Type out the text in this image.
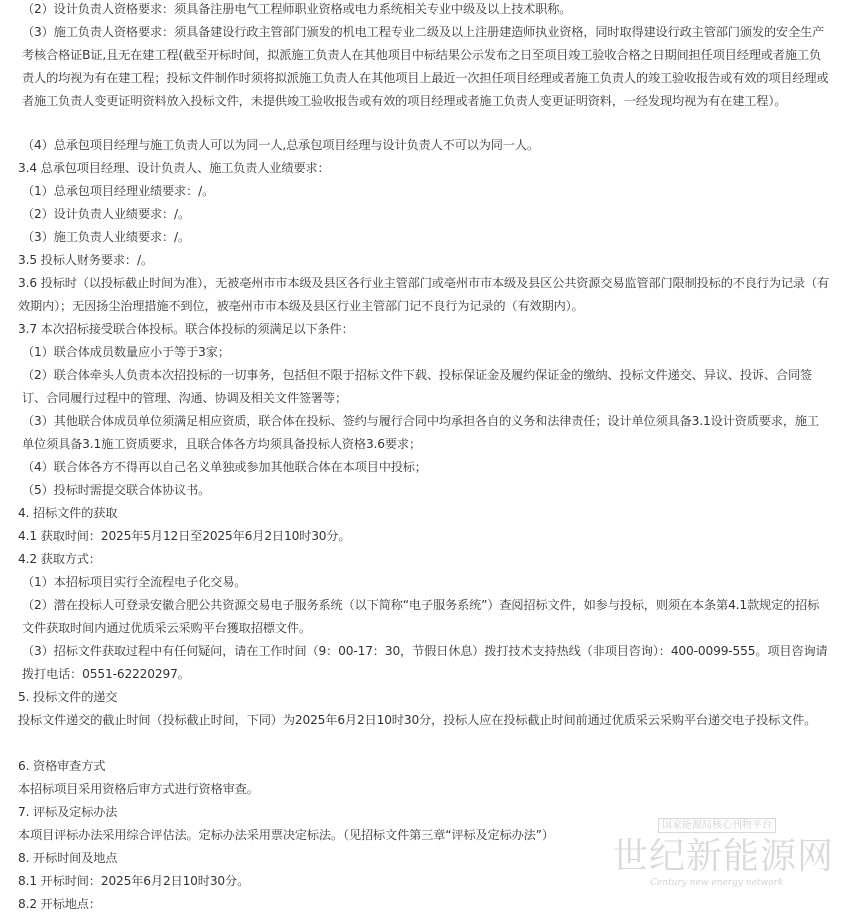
（2）设计负责人资格要求：须具备注册电气工程师职业资格或电力系统相关专业中级及以上技术职称。

（3）施工负责人资格要求：须具备建设行政主管部门颁发的机电工程专业二级及以上注册建造师执业资格，同时取得建设行政主管部门颁发的安全生产考核合格证B证,且无在建工程(截至开标时间，拟派施工负责人在其他项目中标结果公示发布之日至项目竣工验收合格之日期间担任项目经理或者施工负责人的均视为有在建工程；投标文件制作时须将拟派施工负责人在其他项目上最近一次担任项目经理或者施工负责人的竣工验收报告或有效的项目经理或者施工负责人变更证明资料放入投标文件，未提供竣工验收报告或有效的项目经理或者施工负责人变更证明资料，一经发现均视为有在建工程）。

（4）总承包项目经理与施工负责人可以为同一人,总承包项目经理与设计负责人不可以为同一人。

3.4 总承包项目经理、设计负责人、施工负责人业绩要求：

（1）总承包项目经理业绩要求：/。

（2）设计负责人业绩要求：/。

（3）施工负责人业绩要求：/。

3.5 投标人财务要求：/。

3.6 投标时（以投标截止时间为准），无被亳州市市本级及县区各行业主管部门或亳州市市本级及县区公共资源交易监管部门限制投标的不良行为记录（有效期内）；无因扬尘治理措施不到位，被亳州市市本级及县区行业主管部门记不良行为记录的（有效期内）。

3.7 本次招标接受联合体投标。联合体投标的须满足以下条件：

（1）联合体成员数量应小于等于3家；

（2）联合体牵头人负责本次招投标的一切事务，包括但不限于招标文件下载、投标保证金及履约保证金的缴纳、投标文件递交、异议、投诉、合同签订、合同履行过程中的管理、沟通、协调及相关文件签署等；

（3）其他联合体成员单位须满足相应资质，联合体在投标、签约与履行合同中均承担各自的义务和法律责任；设计单位须具备3.1设计资质要求，施工单位须具备3.1施工资质要求，且联合体各方均须具备投标人资格3.6要求；

（4）联合体各方不得再以自己名义单独或参加其他联合体在本项目中投标；

（5）投标时需提交联合体协议书。

4. 招标文件的获取

4.1 获取时间：2025年5月12日至2025年6月2日10时30分。

4.2 获取方式：

（1）本招标项目实行全流程电子化交易。

（2）潜在投标人可登录安徽合肥公共资源交易电子服务系统（以下简称“电子服务系统”）查阅招标文件，如参与投标，则须在本条第4.1款规定的招标文件获取时间内通过优质采云采购平台獲取招標文件。

（3）招标文件获取过程中有任何疑问，请在工作时间（9：00-17：30，节假日休息）拨打技术支持热线（非项目咨询）：400-0099-555。项目咨询请拨打电话：0551-62220297。

5. 投标文件的递交

投标文件递交的截止时间（投标截止时间，下同）为2025年6月2日10时30分，投标人应在投标截止时间前通过优质采云采购平台递交电子投标文件。

6. 资格审查方式

本招标项目采用资格后审方式进行资格审查。

7. 评标及定标办法

本项目评标办法采用综合评估法。定标办法采用票决定标法。（见招标文件第三章“评标及定标办法”）

8. 开标时间及地点

8.1 开标时间：2025年6月2日10时30分。

8.2 开标地点：

国家能源局核心刊物平台
世纪新能源网
Century new energy network
